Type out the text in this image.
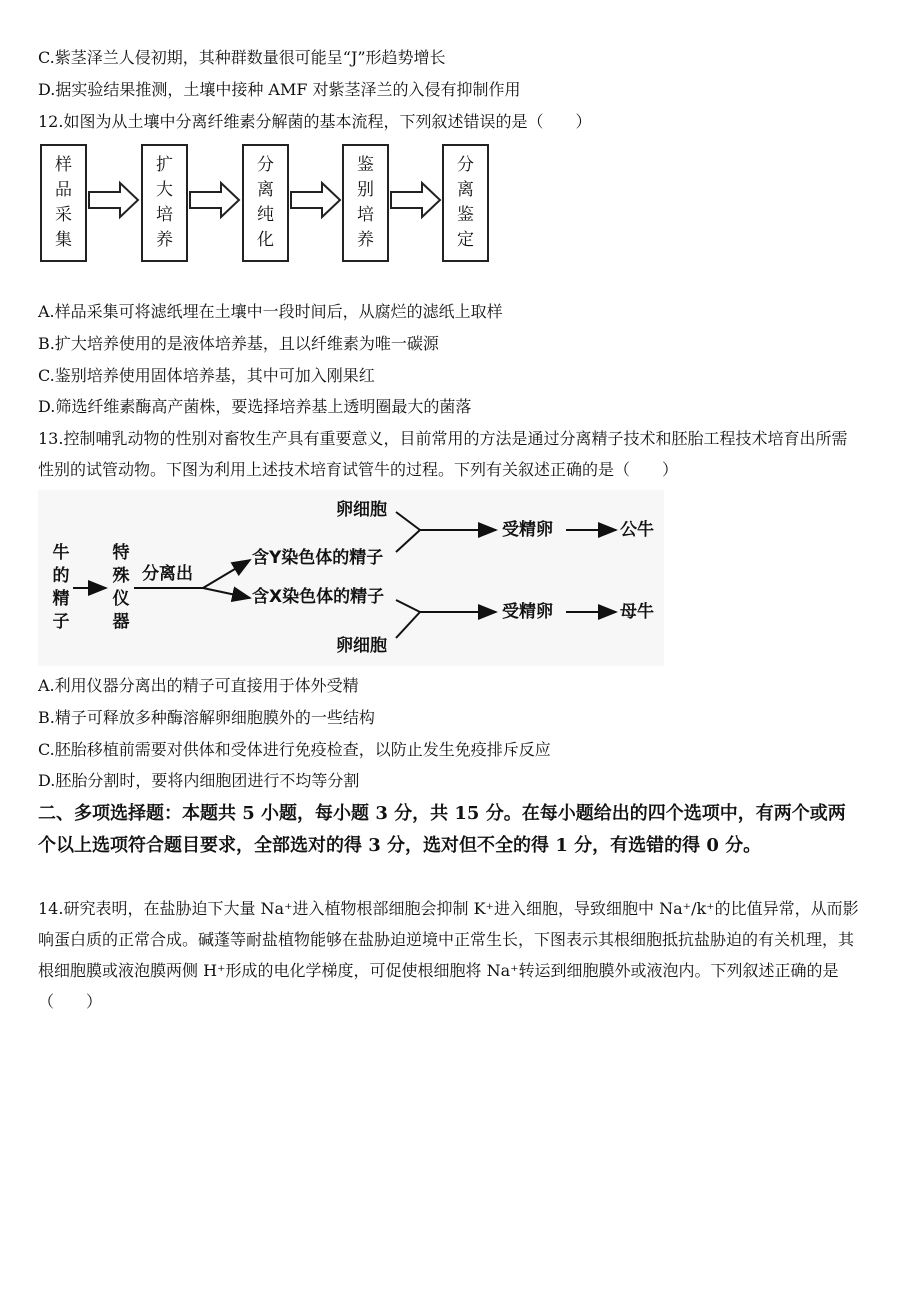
C.紫茎泽兰人侵初期，其种群数量很可能呈“J”形趋势增长
D.据实验结果推测，土壤中接种 AMF 对紫茎泽兰的入侵有抑制作用
12.如图为从土壤中分离纤维素分解菌的基本流程，下列叙述错误的是（　　）
样
品
采
集
扩
大
培
养
分
离
纯
化
鉴
别
培
养
分
离
鉴
定
A.样品采集可将滤纸埋在土壤中一段时间后，从腐烂的滤纸上取样
B.扩大培养使用的是液体培养基，且以纤维素为唯一碳源
C.鉴别培养使用固体培养基，其中可加入刚果红
D.筛选纤维素酶高产菌株，要选择培养基上透明圈最大的菌落
13.控制哺乳动物的性别对畜牧生产具有重要意义，目前常用的方法是通过分离精子技术和胚胎工程技术培育出所需性别的试管动物。下图为利用上述技术培育试管牛的过程。下列有关叙述正确的是（　　）
牛
的
精
子
特
殊
仪
器
分离出
含Y染色体的精子
含X染色体的精子
卵细胞
卵细胞
受精卵
受精卵
公牛
母牛
A.利用仪器分离出的精子可直接用于体外受精
B.精子可释放多种酶溶解卵细胞膜外的一些结构
C.胚胎移植前需要对供体和受体进行免疫检查，以防止发生免疫排斥反应
D.胚胎分割时，要将内细胞团进行不均等分割
二、多项选择题：本题共 5 小题，每小题 3 分，共 15 分。在每小题给出的四个选项中，有两个或两个以上选项符合题目要求，全部选对的得 3 分，选对但不全的得 1 分，有选错的得 0 分。
14.研究表明，在盐胁迫下大量 Na⁺进入植物根部细胞会抑制 K⁺进入细胞，导致细胞中 Na⁺/k⁺的比值异常，从而影响蛋白质的正常合成。碱蓬等耐盐植物能够在盐胁迫逆境中正常生长，下图表示其根细胞抵抗盐胁迫的有关机理，其根细胞膜或液泡膜两侧 H⁺形成的电化学梯度，可促使根细胞将 Na⁺转运到细胞膜外或液泡内。下列叙述正确的是（　　）
